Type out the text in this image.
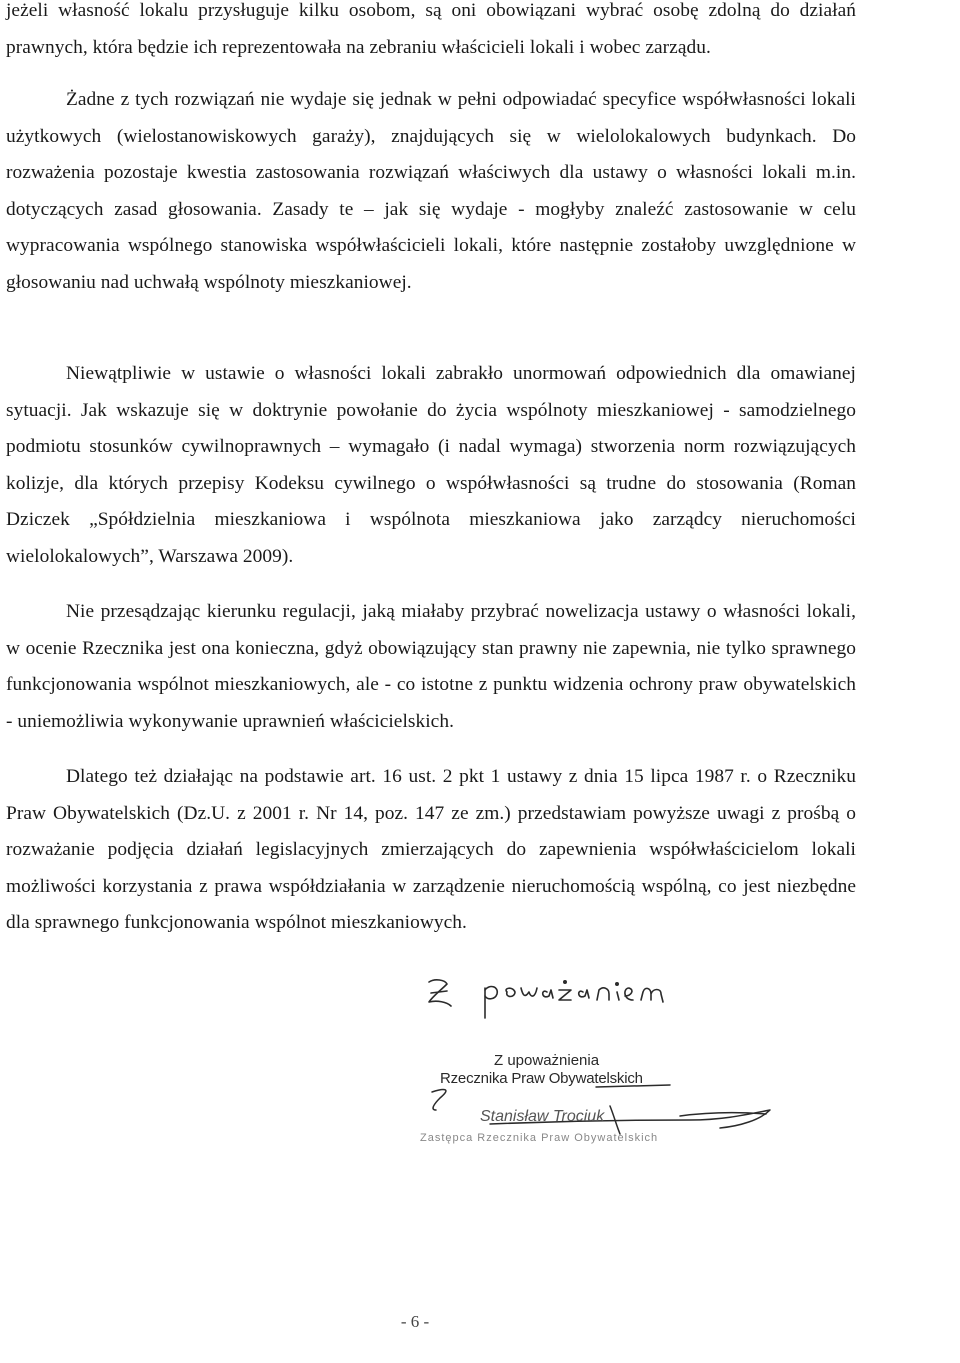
jeżeli własność lokalu przysługuje kilku osobom, są oni obowiązani wybrać osobę zdolną do działań prawnych, która będzie ich reprezentowała na zebraniu właścicieli lokali i wobec zarządu.

Żadne z tych rozwiązań nie wydaje się jednak w pełni odpowiadać specyfice współwłasności lokali użytkowych (wielostanowiskowych garaży), znajdujących się w wielolokalowych budynkach. Do rozważenia pozostaje kwestia zastosowania rozwiązań właściwych dla ustawy o własności lokali m.in. dotyczących zasad głosowania. Zasady te – jak się wydaje - mogłyby znaleźć zastosowanie w celu wypracowania wspólnego stanowiska współwłaścicieli lokali, które następnie zostałoby uwzględnione w głosowaniu nad uchwałą wspólnoty mieszkaniowej.

Niewątpliwie w ustawie o własności lokali zabrakło unormowań odpowiednich dla omawianej sytuacji. Jak wskazuje się w doktrynie powołanie do życia wspólnoty mieszkaniowej - samodzielnego podmiotu stosunków cywilnoprawnych – wymagało (i nadal wymaga) stworzenia norm rozwiązujących kolizje, dla których przepisy Kodeksu cywilnego o współwłasności są trudne do stosowania (Roman Dziczek „Spółdzielnia mieszkaniowa i wspólnota mieszkaniowa jako zarządcy nieruchomości wielolokalowych”, Warszawa 2009).

Nie przesądzając kierunku regulacji, jaką miałaby przybrać nowelizacja ustawy o własności lokali, w ocenie Rzecznika jest ona konieczna, gdyż obowiązujący stan prawny nie zapewnia, nie tylko sprawnego funkcjonowania wspólnot mieszkaniowych, ale - co istotne z punktu widzenia ochrony praw obywatelskich - uniemożliwia wykonywanie uprawnień właścicielskich.

Dlatego też działając na podstawie art. 16 ust. 2 pkt 1 ustawy z dnia 15 lipca 1987 r. o Rzeczniku Praw Obywatelskich (Dz.U. z 2001 r. Nr 14, poz. 147 ze zm.) przedstawiam powyższe uwagi z prośbą o rozważanie podjęcia działań legislacyjnych zmierzających do zapewnienia współwłaścicielom lokali możliwości korzystania z prawa współdziałania w zarządzenie nieruchomością wspólną, co jest niezbędne dla sprawnego funkcjonowania wspólnot mieszkaniowych.

Z upoważnienia
Rzecznika Praw Obywatelskich
Stanisław Trociuk
Zastępca Rzecznika Praw Obywatelskich
- 6 -
